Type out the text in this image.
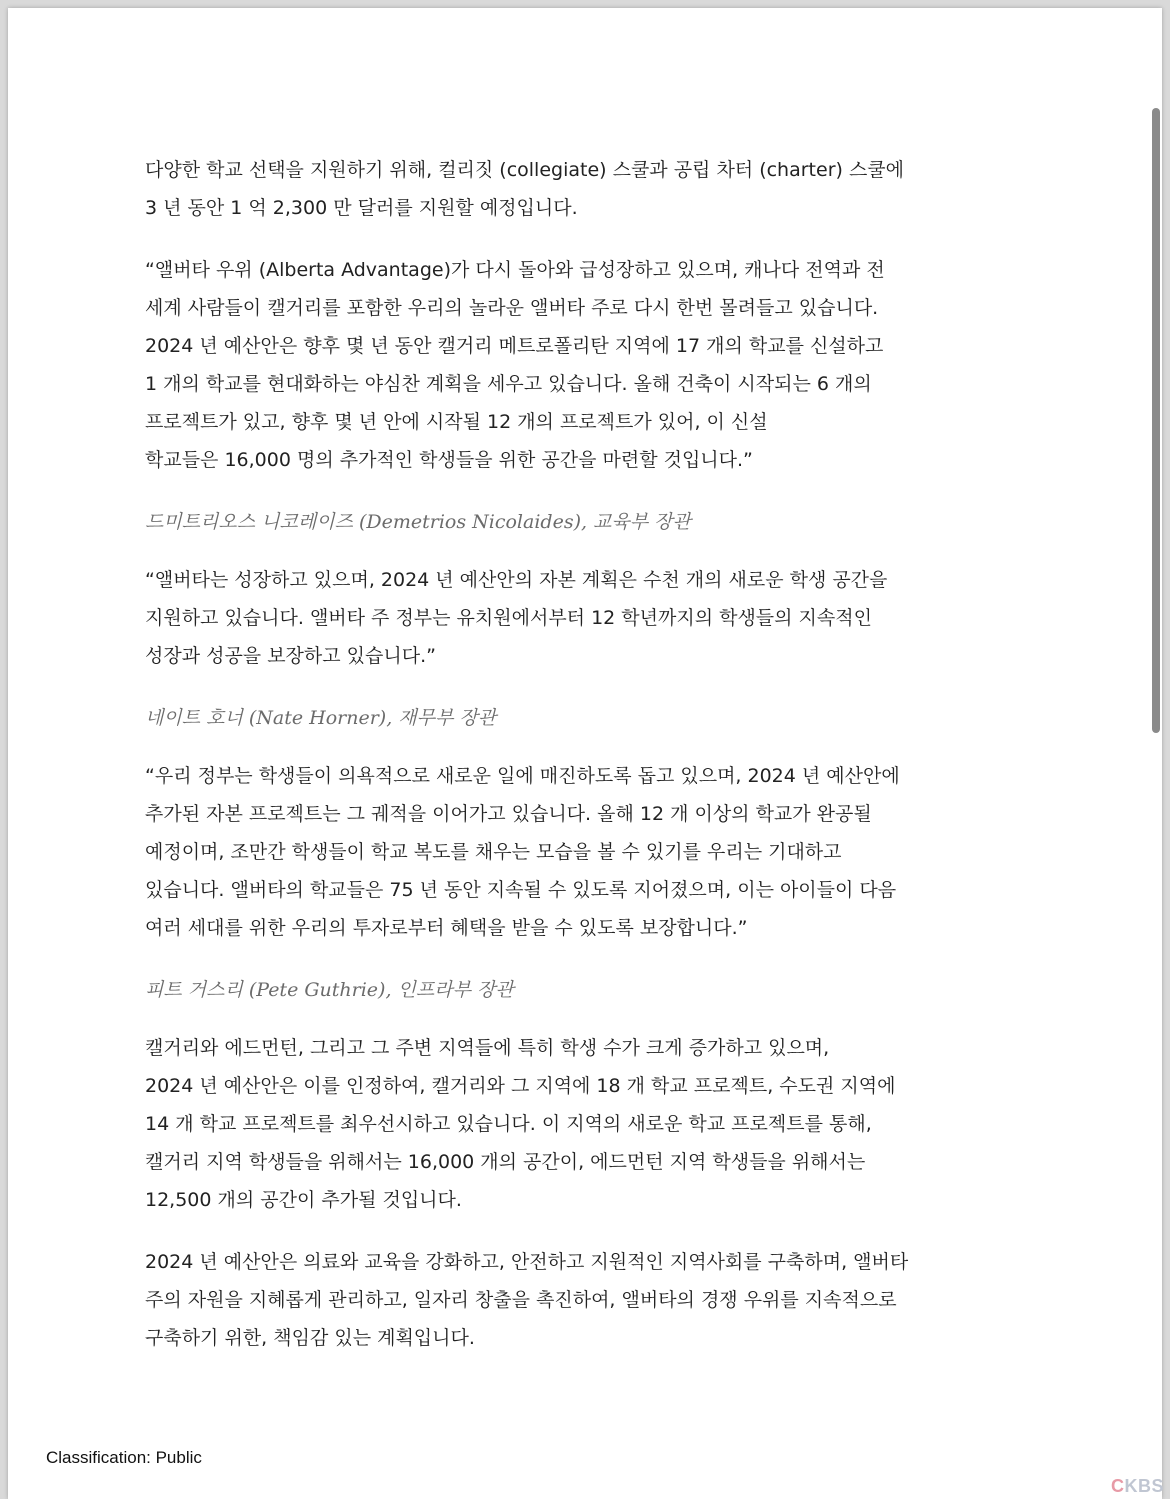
다양한 학교 선택을 지원하기 위해, 컬리짓 (collegiate) 스쿨과 공립 차터 (charter) 스쿨에
3 년 동안 1 억 2,300 만 달러를 지원할 예정입니다.
“앨버타 우위 (Alberta Advantage)가 다시 돌아와 급성장하고 있으며, 캐나다 전역과 전
세계 사람들이 캘거리를 포함한 우리의 놀라운 앨버타 주로 다시 한번 몰려들고 있습니다.
2024 년 예산안은 향후 몇 년 동안 캘거리 메트로폴리탄 지역에 17 개의 학교를 신설하고
1 개의 학교를 현대화하는 야심찬 계획을 세우고 있습니다. 올해 건축이 시작되는 6 개의
프로젝트가 있고, 향후 몇 년 안에 시작될 12 개의 프로젝트가 있어, 이 신설
학교들은 16,000 명의 추가적인 학생들을 위한 공간을 마련할 것입니다.”
드미트리오스 니코레이즈 (Demetrios Nicolaides), 교육부 장관
“앨버타는 성장하고 있으며, 2024 년 예산안의 자본 계획은 수천 개의 새로운 학생 공간을
지원하고 있습니다. 앨버타 주 정부는 유치원에서부터 12 학년까지의 학생들의 지속적인
성장과 성공을 보장하고 있습니다.”
네이트 호너 (Nate Horner), 재무부 장관
“우리 정부는 학생들이 의욕적으로 새로운 일에 매진하도록 돕고 있으며, 2024 년 예산안에
추가된 자본 프로젝트는 그 궤적을 이어가고 있습니다. 올해 12 개 이상의 학교가 완공될
예정이며, 조만간 학생들이 학교 복도를 채우는 모습을 볼 수 있기를 우리는 기대하고
있습니다. 앨버타의 학교들은 75 년 동안 지속될 수 있도록 지어졌으며, 이는 아이들이 다음
여러 세대를 위한 우리의 투자로부터 혜택을 받을 수 있도록 보장합니다.”
피트 거스리 (Pete Guthrie), 인프라부 장관
캘거리와 에드먼턴, 그리고 그 주변 지역들에 특히 학생 수가 크게 증가하고 있으며,
2024 년 예산안은 이를 인정하여, 캘거리와 그 지역에 18 개 학교 프로젝트, 수도권 지역에
14 개 학교 프로젝트를 최우선시하고 있습니다. 이 지역의 새로운 학교 프로젝트를 통해,
캘거리 지역 학생들을 위해서는 16,000 개의 공간이, 에드먼턴 지역 학생들을 위해서는
12,500 개의 공간이 추가될 것입니다.
2024 년 예산안은 의료와 교육을 강화하고, 안전하고 지원적인 지역사회를 구축하며, 앨버타
주의 자원을 지혜롭게 관리하고, 일자리 창출을 촉진하여, 앨버타의 경쟁 우위를 지속적으로
구축하기 위한, 책임감 있는 계획입니다.
Classification: Public
CKBS
